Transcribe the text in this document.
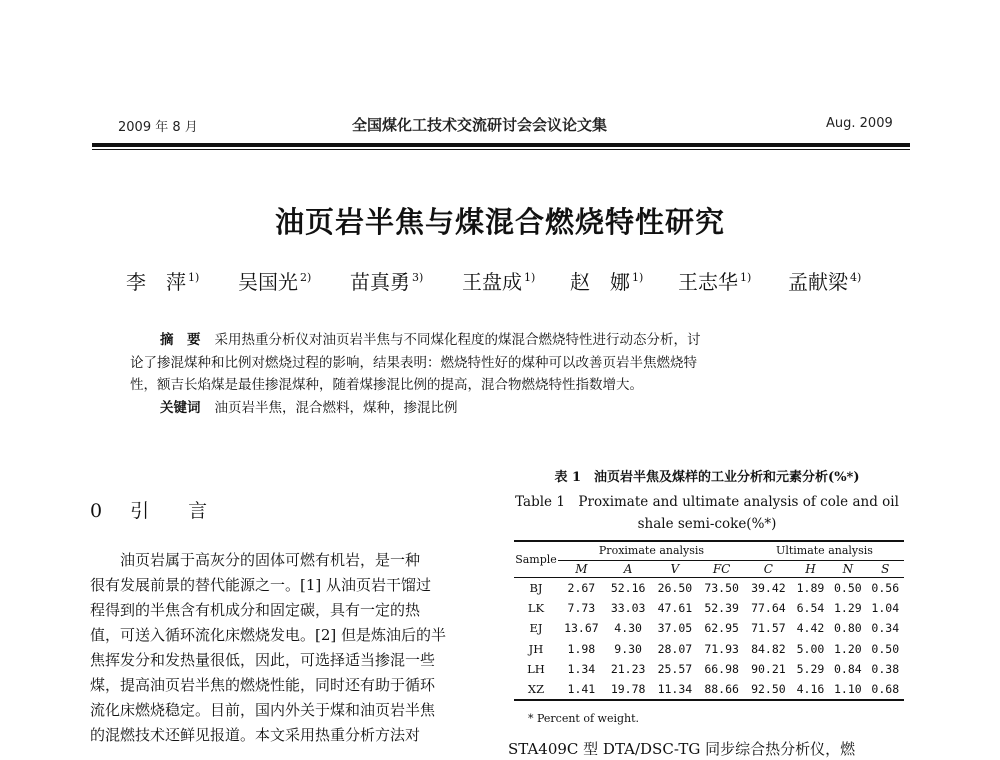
2009 年 8 月	全国煤化工技术交流研讨会会议论文集	Aug. 2009
油页岩半焦与煤混合燃烧特性研究
李　萍 $^{1)}$ 吴国光 $^{2)}$ 苗真勇 $^{3)}$ 王盘成 $^{1)}$ 赵　娜 $^{1)}$ 王志华 $^{1)}$ 孟献梁 $^{4)}$
摘　要 采用热重分析仪对油页岩半焦与不同煤化程度的煤混合燃烧特性进行动态分析，讨
论了掺混煤种和比例对燃烧过程的影响，结果表明：燃烧特性好的煤种可以改善页岩半焦燃烧特
性，额吉长焰煤是最佳掺混煤种，随着煤掺混比例的提高，混合物燃烧特性指数增大。
关键词 油页岩半焦，混合燃料，煤种，掺混比例
0 引　言
油页岩属于高灰分的固体可燃有机岩，是一种
很有发展前景的替代能源之一。[1] 从油页岩干馏过
程得到的半焦含有机成分和固定碳，具有一定的热
值，可送入循环流化床燃烧发电。[2] 但是炼油后的半
焦挥发分和发热量很低，因此，可选择适当掺混一些
煤，提高油页岩半焦的燃烧性能，同时还有助于循环
流化床燃烧稳定。目前，国内外关于煤和油页岩半焦
的混燃技术还鲜见报道。本文采用热重分析方法对
表 1　油页岩半焦及煤样的工业分析和元素分析(%*)
Table 1　Proximate and ultimate analysis of cole and oil shale semi-coke(%*)
Sample	Proximate analysis				Ultimate analysis			
	M	A	V	FC	C	H	N	S
BJ	2.67	52.16	26.50	73.50	39.42	1.89	0.50	0.56
LK	7.73	33.03	47.61	52.39	77.64	6.54	1.29	1.04
EJ	13.67	4.30	37.05	62.95	71.57	4.42	0.80	0.34
JH	1.98	9.30	28.07	71.93	84.82	5.00	1.20	0.50
LH	1.34	21.23	25.57	66.98	90.21	5.29	0.84	0.38
XZ	1.41	19.78	11.34	88.66	92.50	4.16	1.10	0.68
* Percent of weight.
STA409C 型 DTA/DSC-TG 同步综合热分析仪，燃
